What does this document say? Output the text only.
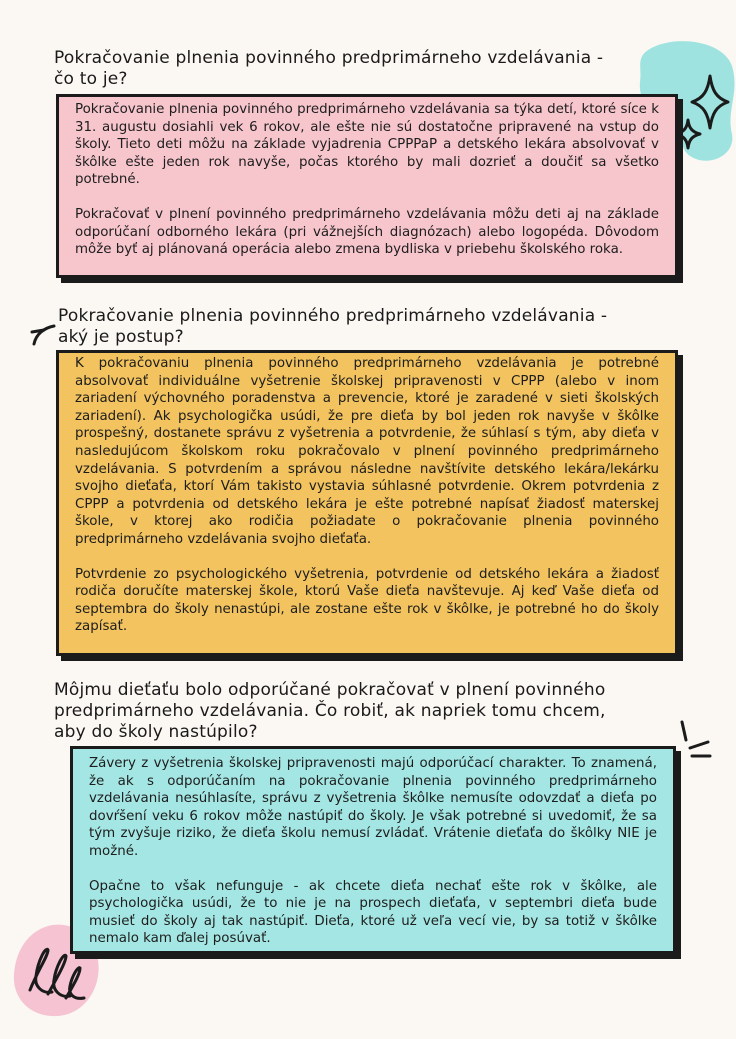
Pokračovanie plnenia povinného predprimárneho vzdelávania -
čo to je?

Pokračovanie plnenia povinného predprimárneho vzdelávania sa týka detí, ktoré síce k 31. augustu dosiahli vek 6 rokov, ale ešte nie sú dostatočne pripravené na vstup do školy. Tieto deti môžu na základe vyjadrenia CPPPaP a detského lekára absolvovať v škôlke ešte jeden rok navyše, počas ktorého by mali dozrieť a doučiť sa všetko potrebné.

Pokračovať v plnení povinného predprimárneho vzdelávania môžu deti aj na základe odporúčaní odborného lekára (pri vážnejších diagnózach) alebo logopéda. Dôvodom môže byť aj plánovaná operácia alebo zmena bydliska v priebehu školského roka.

Pokračovanie plnenia povinného predprimárneho vzdelávania -
aký je postup?

K pokračovaniu plnenia povinného predprimárneho vzdelávania je potrebné absolvovať individuálne vyšetrenie školskej pripravenosti v CPPP (alebo v inom zariadení výchovného poradenstva a prevencie, ktoré je zaradené v sieti školských zariadení). Ak psychologička usúdi, že pre dieťa by bol jeden rok navyše v škôlke prospešný, dostanete správu z vyšetrenia a potvrdenie, že súhlasí s tým, aby dieťa v nasledujúcom školskom roku pokračovalo v plnení povinného predprimárneho vzdelávania. S potvrdením a správou následne navštívite detského lekára/lekárku svojho dieťaťa, ktorí Vám takisto vystavia súhlasné potvrdenie. Okrem potvrdenia z CPPP a potvrdenia od detského lekára je ešte potrebné napísať žiadosť materskej škole, v ktorej ako rodičia požiadate o pokračovanie plnenia povinného predprimárneho vzdelávania svojho dieťaťa.

Potvrdenie zo psychologického vyšetrenia, potvrdenie od detského lekára a žiadosť rodiča doručíte materskej škole, ktorú Vaše dieťa navštevuje. Aj keď Vaše dieťa od septembra do školy nenastúpi, ale zostane ešte rok v škôlke, je potrebné ho do školy zapísať.

Môjmu dieťaťu bolo odporúčané pokračovať v plnení povinného
predprimárneho vzdelávania. Čo robiť, ak napriek tomu chcem,
aby do školy nastúpilo?

Závery z vyšetrenia školskej pripravenosti majú odporúčací charakter. To znamená, že ak s odporúčaním na pokračovanie plnenia povinného predprimárneho vzdelávania nesúhlasíte, správu z vyšetrenia škôlke nemusíte odovzdať a dieťa po dovŕšení veku 6 rokov môže nastúpiť do školy. Je však potrebné si uvedomiť, že sa tým zvyšuje riziko, že dieťa školu nemusí zvládať. Vrátenie dieťaťa do škôlky NIE je možné.

Opačne to však nefunguje - ak chcete dieťa nechať ešte rok v škôlke, ale psychologička usúdi, že to nie je na prospech dieťaťa, v septembri dieťa bude musieť do školy aj tak nastúpiť. Dieťa, ktoré už veľa vecí vie, by sa totiž v škôlke nemalo kam ďalej posúvať.
